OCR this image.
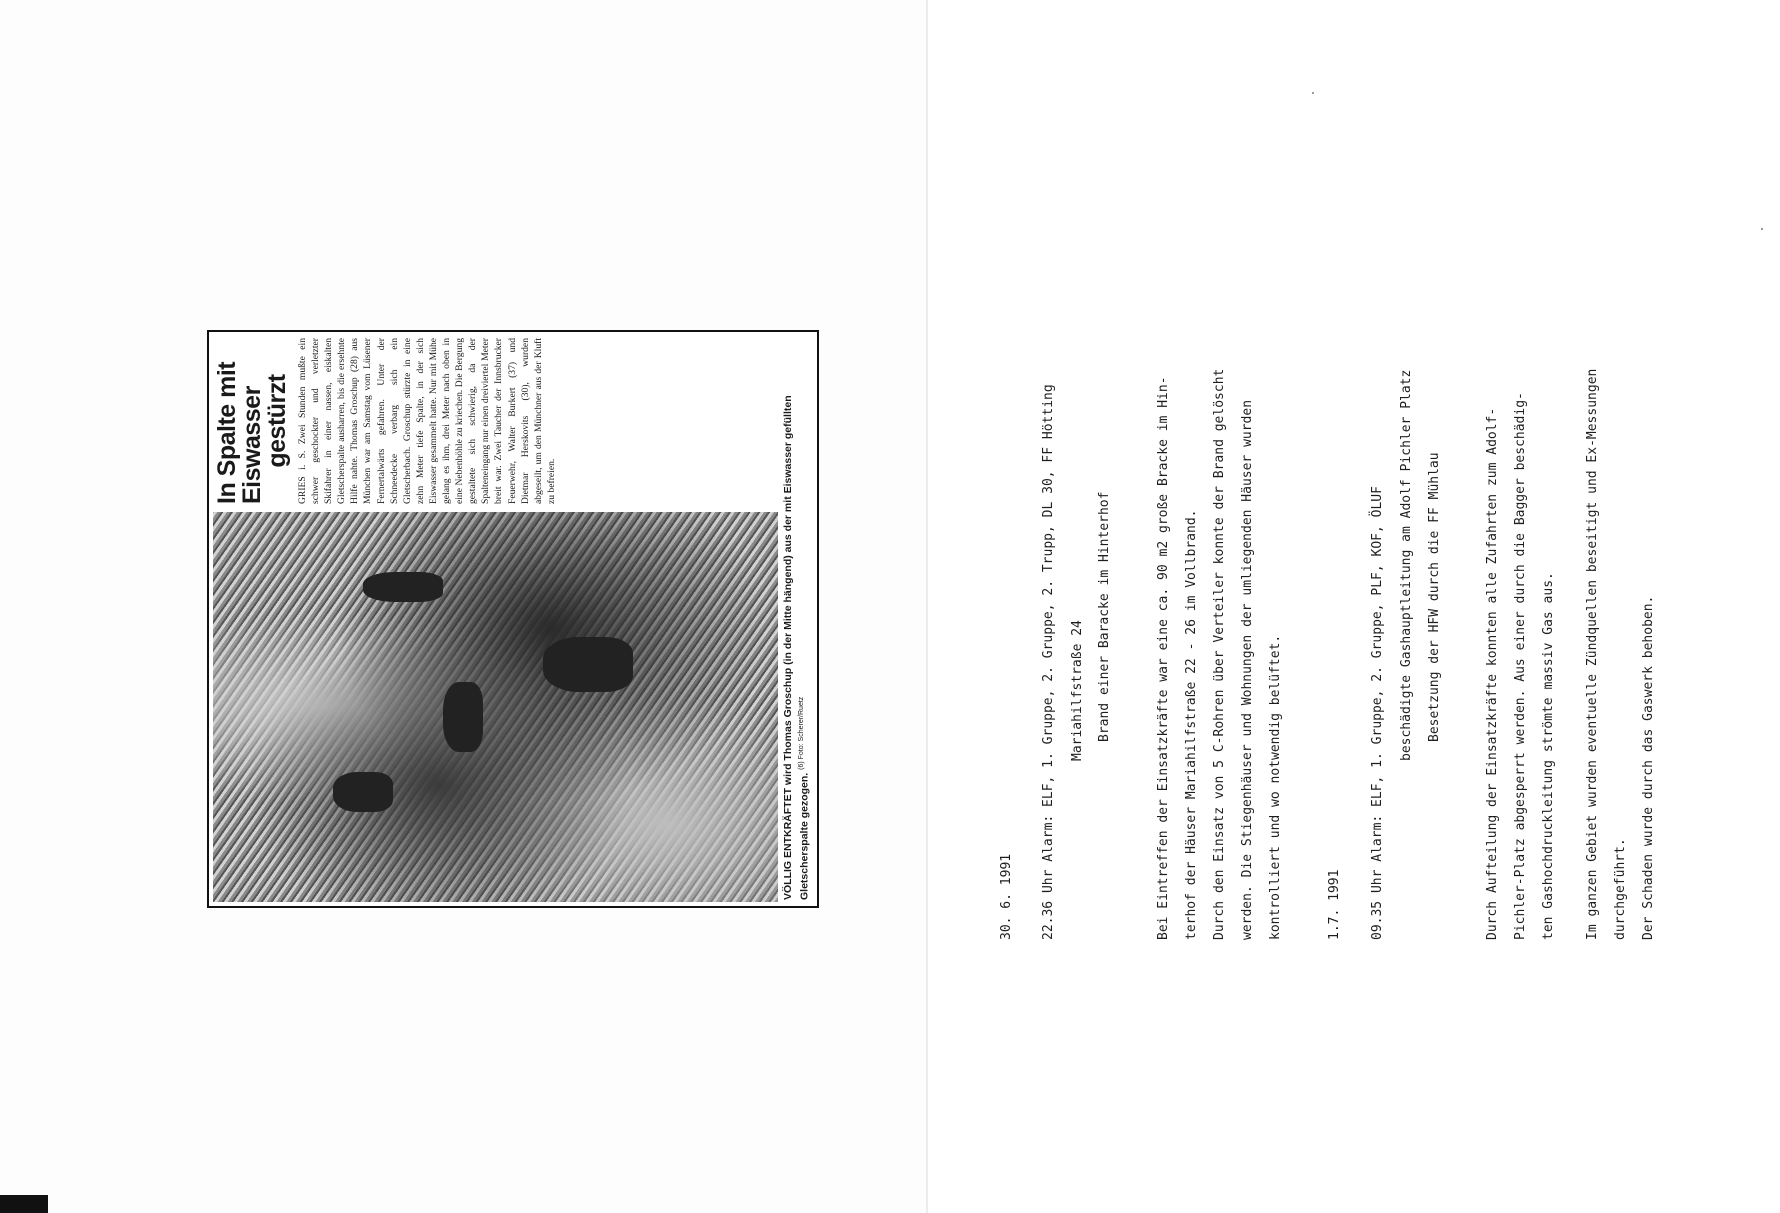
In Spalte mit
Eiswasser
gestürzt GRIES i. S. Zwei Stunden mußte ein schwer geschockter und verletzter Skifahrer in einer nassen, eiskalten Gletscherspalte ausharren, bis die ersehnte Hilfe nahte. Thomas Groschup (28) aus München war am Samstag vom Lüsener Fernertalwärts gefahren. Unter der Schneedecke verbarg sich ein Gletscherbach. Groschup stürzte in eine zehn Meter tiefe Spalte, in der sich Eiswasser gesammelt hatte. Nur mit Mühe gelang es ihm, drei Meter nach oben in eine Nebenhöhle zu kriechen. Die Bergung gestaltete sich schwierig, da der Spalteneingang nur einen dreiviertel Meter breit war. Zwei Taucher der Innsbrucker Feuerwehr, Walter Burkert (37) und Dietmar Herskovits (30), wurden abgeseilt, um den Münchner aus der Kluft zu befreien.	VÖLLIG ENTKRÄFTET wird Thomas Groschup (in der Mitte hängend) aus der mit Eiswasser gefüllten Gletscherspalte gezogen. $^{(6) Foto: Scherer/Ruetz}$
30. 6. 1991 22.36 Uhr Alarm: ELF, 1. Gruppe, 2. Gruppe, 2. Trupp, DL 30, FF Hötting Mariahilfstraße 24 Brand einer Baracke im Hinterhof	Bei Eintreffen der Einsatzkräfte war eine ca. 90 m2 große Bracke im Hin- terhof der Häuser Mariahilfstraße 22 - 26 im Vollbrand. Durch den Einsatz von 5 C-Rohren über Verteiler konnte der Brand gelöscht werden. Die Stiegenhäuser und Wohnungen der umliegenden Häuser wurden kontrolliert und wo notwendig belüftet.	1.7. 1991 09.35 Uhr Alarm: ELF, 1. Gruppe, 2. Gruppe, PLF, KOF, ÖLUF beschädigte Gashauptleitung am Adolf Pichler Platz Besetzung der HFW durch die FF Mühlau	Durch Aufteilung der Einsatzkräfte konnten alle Zufahrten zum Adolf- Pichler-Platz abgesperrt werden. Aus einer durch die Bagger beschädig- ten Gashochdruckleitung strömte massiv Gas aus. Im ganzen Gebiet wurden eventuelle Zündquellen beseitigt und Ex-Messungen durchgeführt. Der Schaden wurde durch das Gaswerk behoben.
